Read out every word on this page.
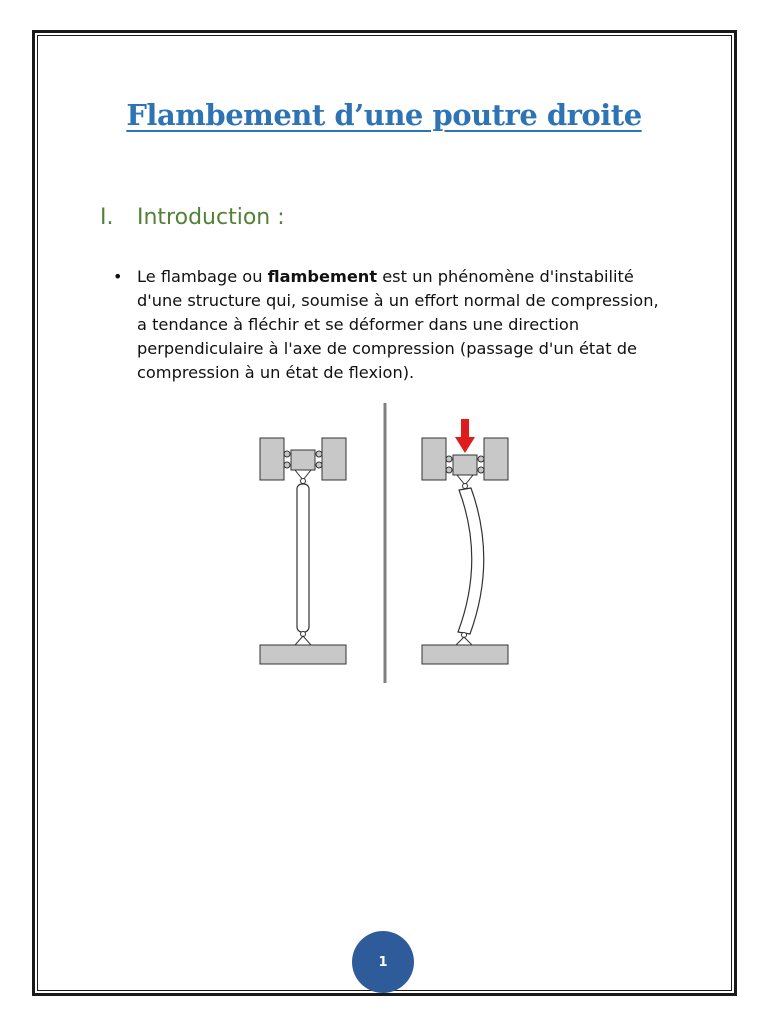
Flambement d’une poutre droite
I. Introduction :
• Le flambage ou flambement est un phénomène d'instabilité d'une structure qui, soumise à un effort normal de compression, a tendance à fléchir et se déformer dans une direction perpendiculaire à l'axe de compression (passage d'un état de compression à un état de flexion).
1
